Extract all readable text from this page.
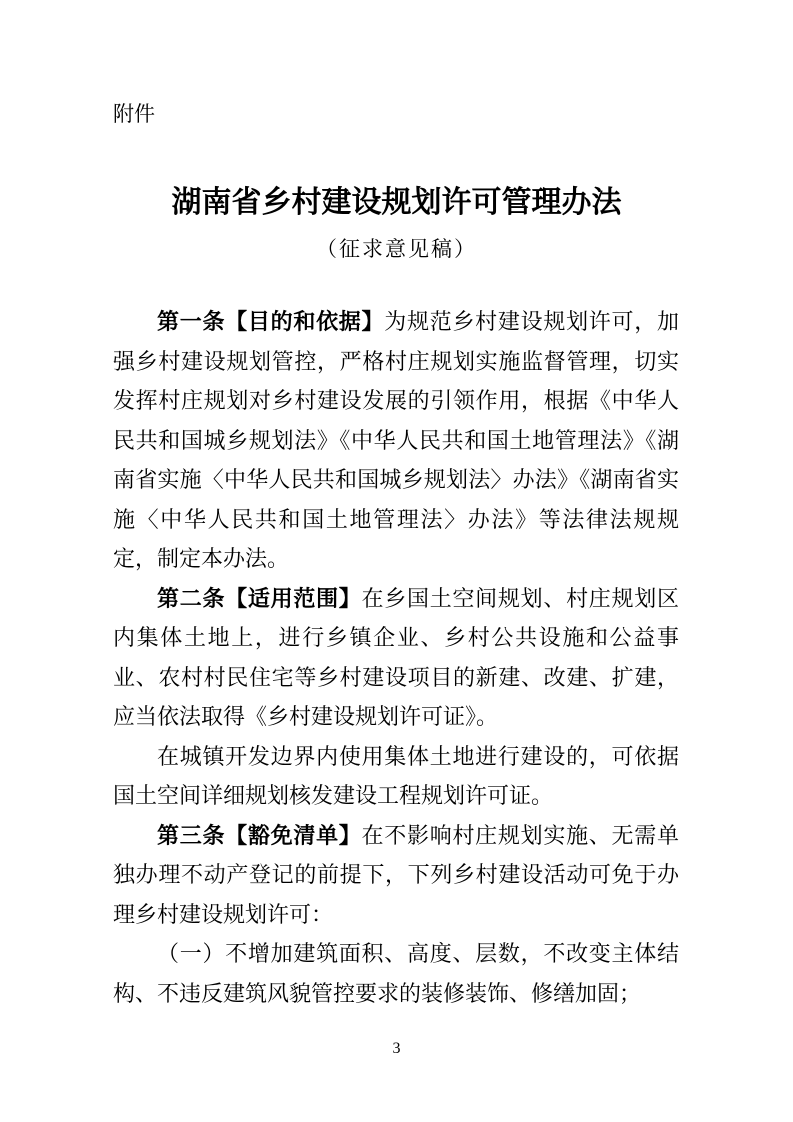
附件
湖南省乡村建设规划许可管理办法
（征求意见稿）

第一条【目的和依据】为规范乡村建设规划许可，加强乡村建设规划管控，严格村庄规划实施监督管理，切实发挥村庄规划对乡村建设发展的引领作用，根据《中华人民共和国城乡规划法》《中华人民共和国土地管理法》《湖南省实施〈中华人民共和国城乡规划法〉办法》《湖南省实施〈中华人民共和国土地管理法〉办法》等法律法规规定，制定本办法。

第二条【适用范围】在乡国土空间规划、村庄规划区内集体土地上，进行乡镇企业、乡村公共设施和公益事业、农村村民住宅等乡村建设项目的新建、改建、扩建，应当依法取得《乡村建设规划许可证》。

在城镇开发边界内使用集体土地进行建设的，可依据国土空间详细规划核发建设工程规划许可证。

第三条【豁免清单】在不影响村庄规划实施、无需单独办理不动产登记的前提下，下列乡村建设活动可免于办理乡村建设规划许可：

（一）不增加建筑面积、高度、层数，不改变主体结构、不违反建筑风貌管控要求的装修装饰、修缮加固；

3
